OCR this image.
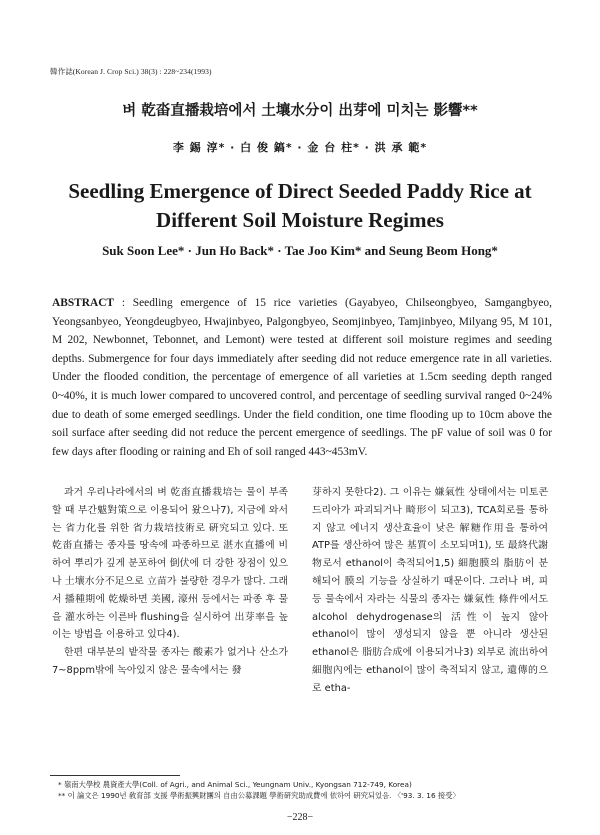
韓作誌(Korean J. Crop Sci.) 38(3) : 228~234(1993)
벼 乾畓直播栽培에서 土壤水分이 出芽에 미치는 影響**
李 錫 淳* · 白 俊 鎬* · 金 台 柱* · 洪 承 範*
Seedling Emergence of Direct Seeded Paddy Rice at
Different Soil Moisture Regimes
Suk Soon Lee* · Jun Ho Back* · Tae Joo Kim* and Seung Beom Hong*
ABSTRACT : Seedling emergence of 15 rice varieties (Gayabyeo, Chilseongbyeo, Samgangbyeo, Yeongsanbyeo, Yeongdeugbyeo, Hwajinbyeo, Palgongbyeo, Seomjinbyeo, Tamjinbyeo, Milyang 95, M 101, M 202, Newbonnet, Tebonnet, and Lemont) were tested at different soil moisture regimes and seeding depths. Submergence for four days immediately after seeding did not reduce emergence rate in all varieties. Under the flooded condition, the percentage of emergence of all varieties at 1.5cm seeding depth ranged 0~40%, it is much lower compared to uncovered control, and percentage of seedling survival ranged 0~24% due to death of some emerged seedlings. Under the field condition, one time flooding up to 10cm above the soil surface after seeding did not reduce the percent emergence of seedlings. The pF value of soil was 0 for few days after flooding or raining and Eh of soil ranged 443~453mV.

과거 우리나라에서의 벼 乾畓直播栽培는 물이 부족할 때 부간魃對策으로 이용되어 왔으나7), 지금에 와서는 省力化를 위한 省力栽培技術로 硏究되고 있다. 또 乾畓直播는 종자를 땅속에 파종하므로 湛水直播에 비하여 뿌리가 깊게 분포하여 倒伏에 더 강한 장점이 있으나 土壤水分不足으로 立苗가 불량한 경우가 많다. 그래서 播種期에 乾燥하면 美國, 濠州 등에서는 파종 후 물을 灌水하는 이른바 flushing을 실시하여 出芽率을 높이는 방법을 이용하고 있다4).

한편 대부분의 밭작물 종자는 酸素가 없거나 산소가 7~8ppm밖에 녹아있지 않은 물속에서는 發

芽하지 못한다2). 그 이유는 嫌氣性 상태에서는 미토콘드리아가 파괴되거나 畸形이 되고3), TCA회로를 통하지 않고 에너지 생산효율이 낮은 解糖作用을 통하여 ATP를 생산하여 많은 基質이 소모되며1), 또 最終代謝物로서 ethanol이 축적되어1,5) 細胞膜의 脂肪이 분해되어 膜의 기능을 상실하기 때문이다. 그러나 벼, 피 등 물속에서 자라는 식물의 종자는 嫌氣性 條件에서도 alcohol dehydrogenase의 活性이 높지 않아 ethanol이 많이 생성되지 않을 뿐 아니라 생산된 ethanol은 脂肪合成에 이용되거나3) 외부로 流出하여 細胞內에는 ethanol이 많이 축적되지 않고, 遺傳的으로 etha-

* 嶺南大學校 農資產大學(Coll. of Agri., and Animal Sci., Yeungnam Univ., Kyongsan 712-749, Korea)
** 이 論文은 1990년 敎育部 支援 學術振興財團의 自由公募課題 學術硏究助成費에 依하여 硏究되었음. 〈'93. 3. 16 接受〉
−228−
